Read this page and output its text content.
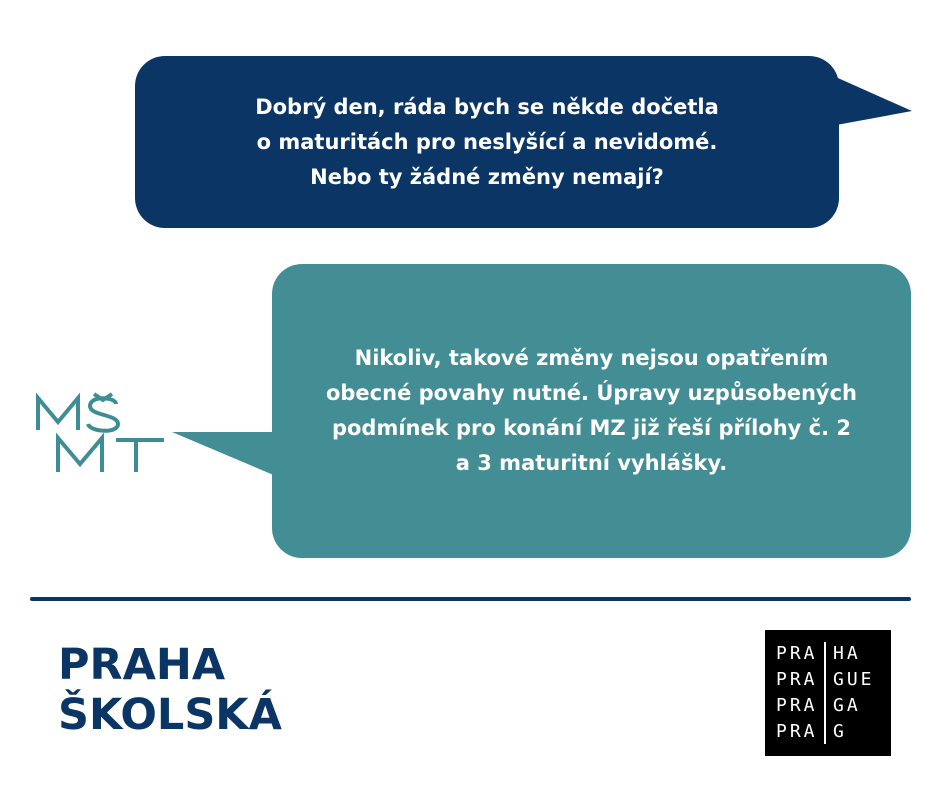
Dobrý den, ráda bych se někde dočetla
o maturitách pro neslyšící a nevidomé.
Nebo ty žádné změny nemají?
Nikoliv, takové změny nejsou opatřením
obecné povahy nutné. Úpravy uzpůsobených
podmínek pro konání MZ již řeší přílohy č. 2
a 3 maturitní vyhlášky.
PRAHA
ŠKOLSKÁ
PRA
PRA
PRA
PRA
HA
GUE
GA
G
